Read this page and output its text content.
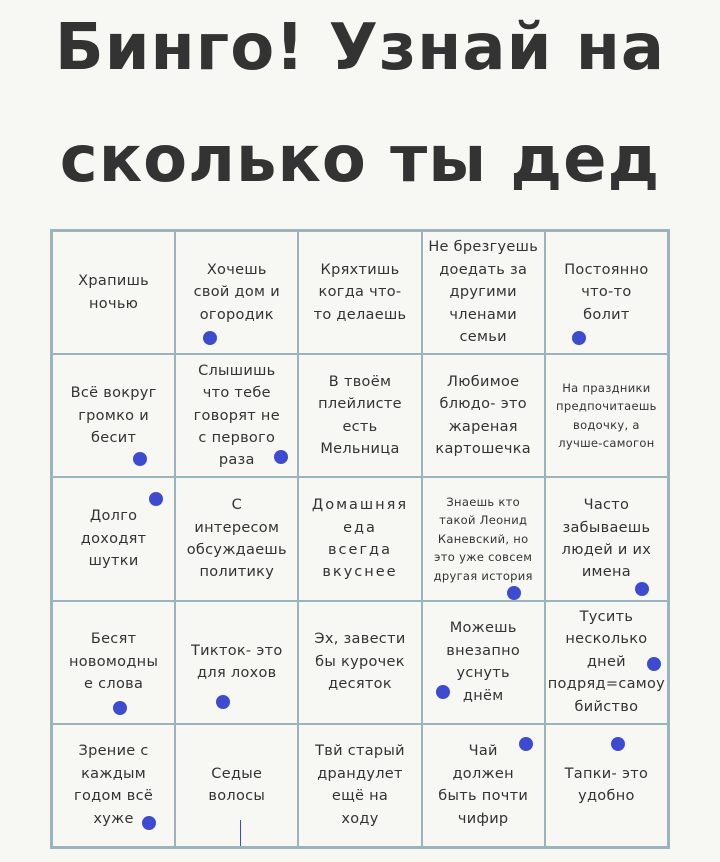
Бинго! Узнай на
сколько ты дед
Храпишь
ночью
Хочешь
свой дом и
огородик
Кряхтишь
когда что-
то делаешь
Не брезгуешь
доедать за
другими
членами
семьи
Постоянно
что-то
болит
Всё вокруг
громко и
бесит
Слышишь
что тебе
говорят не
с первого
раза
В твоём
плейлисте
есть
Мельница
Любимое
блюдо- это
жареная
картошечка
На праздники
предпочитаешь
водочку, а
лучше-самогон
Долго
доходят
шутки
С
интересом
обсуждаешь
политику
Домашняя
еда
всегда
вкуснее
Знаешь кто
такой Леонид
Каневский, но
это уже совсем
другая история
Часто
забываешь
людей и их
имена
Бесят
новомодны
е слова
Тикток- это
для лохов
Эх, завести
бы курочек
десяток
Можешь
внезапно
уснуть
днём
Тусить
несколько
дней
подряд=самоу
бийство
Зрение с
каждым
годом всё
хуже
Седые
волосы
Твй старый
драндулет
ещё на
ходу
Чай
должен
быть почти
чифир
Тапки- это
удобно
